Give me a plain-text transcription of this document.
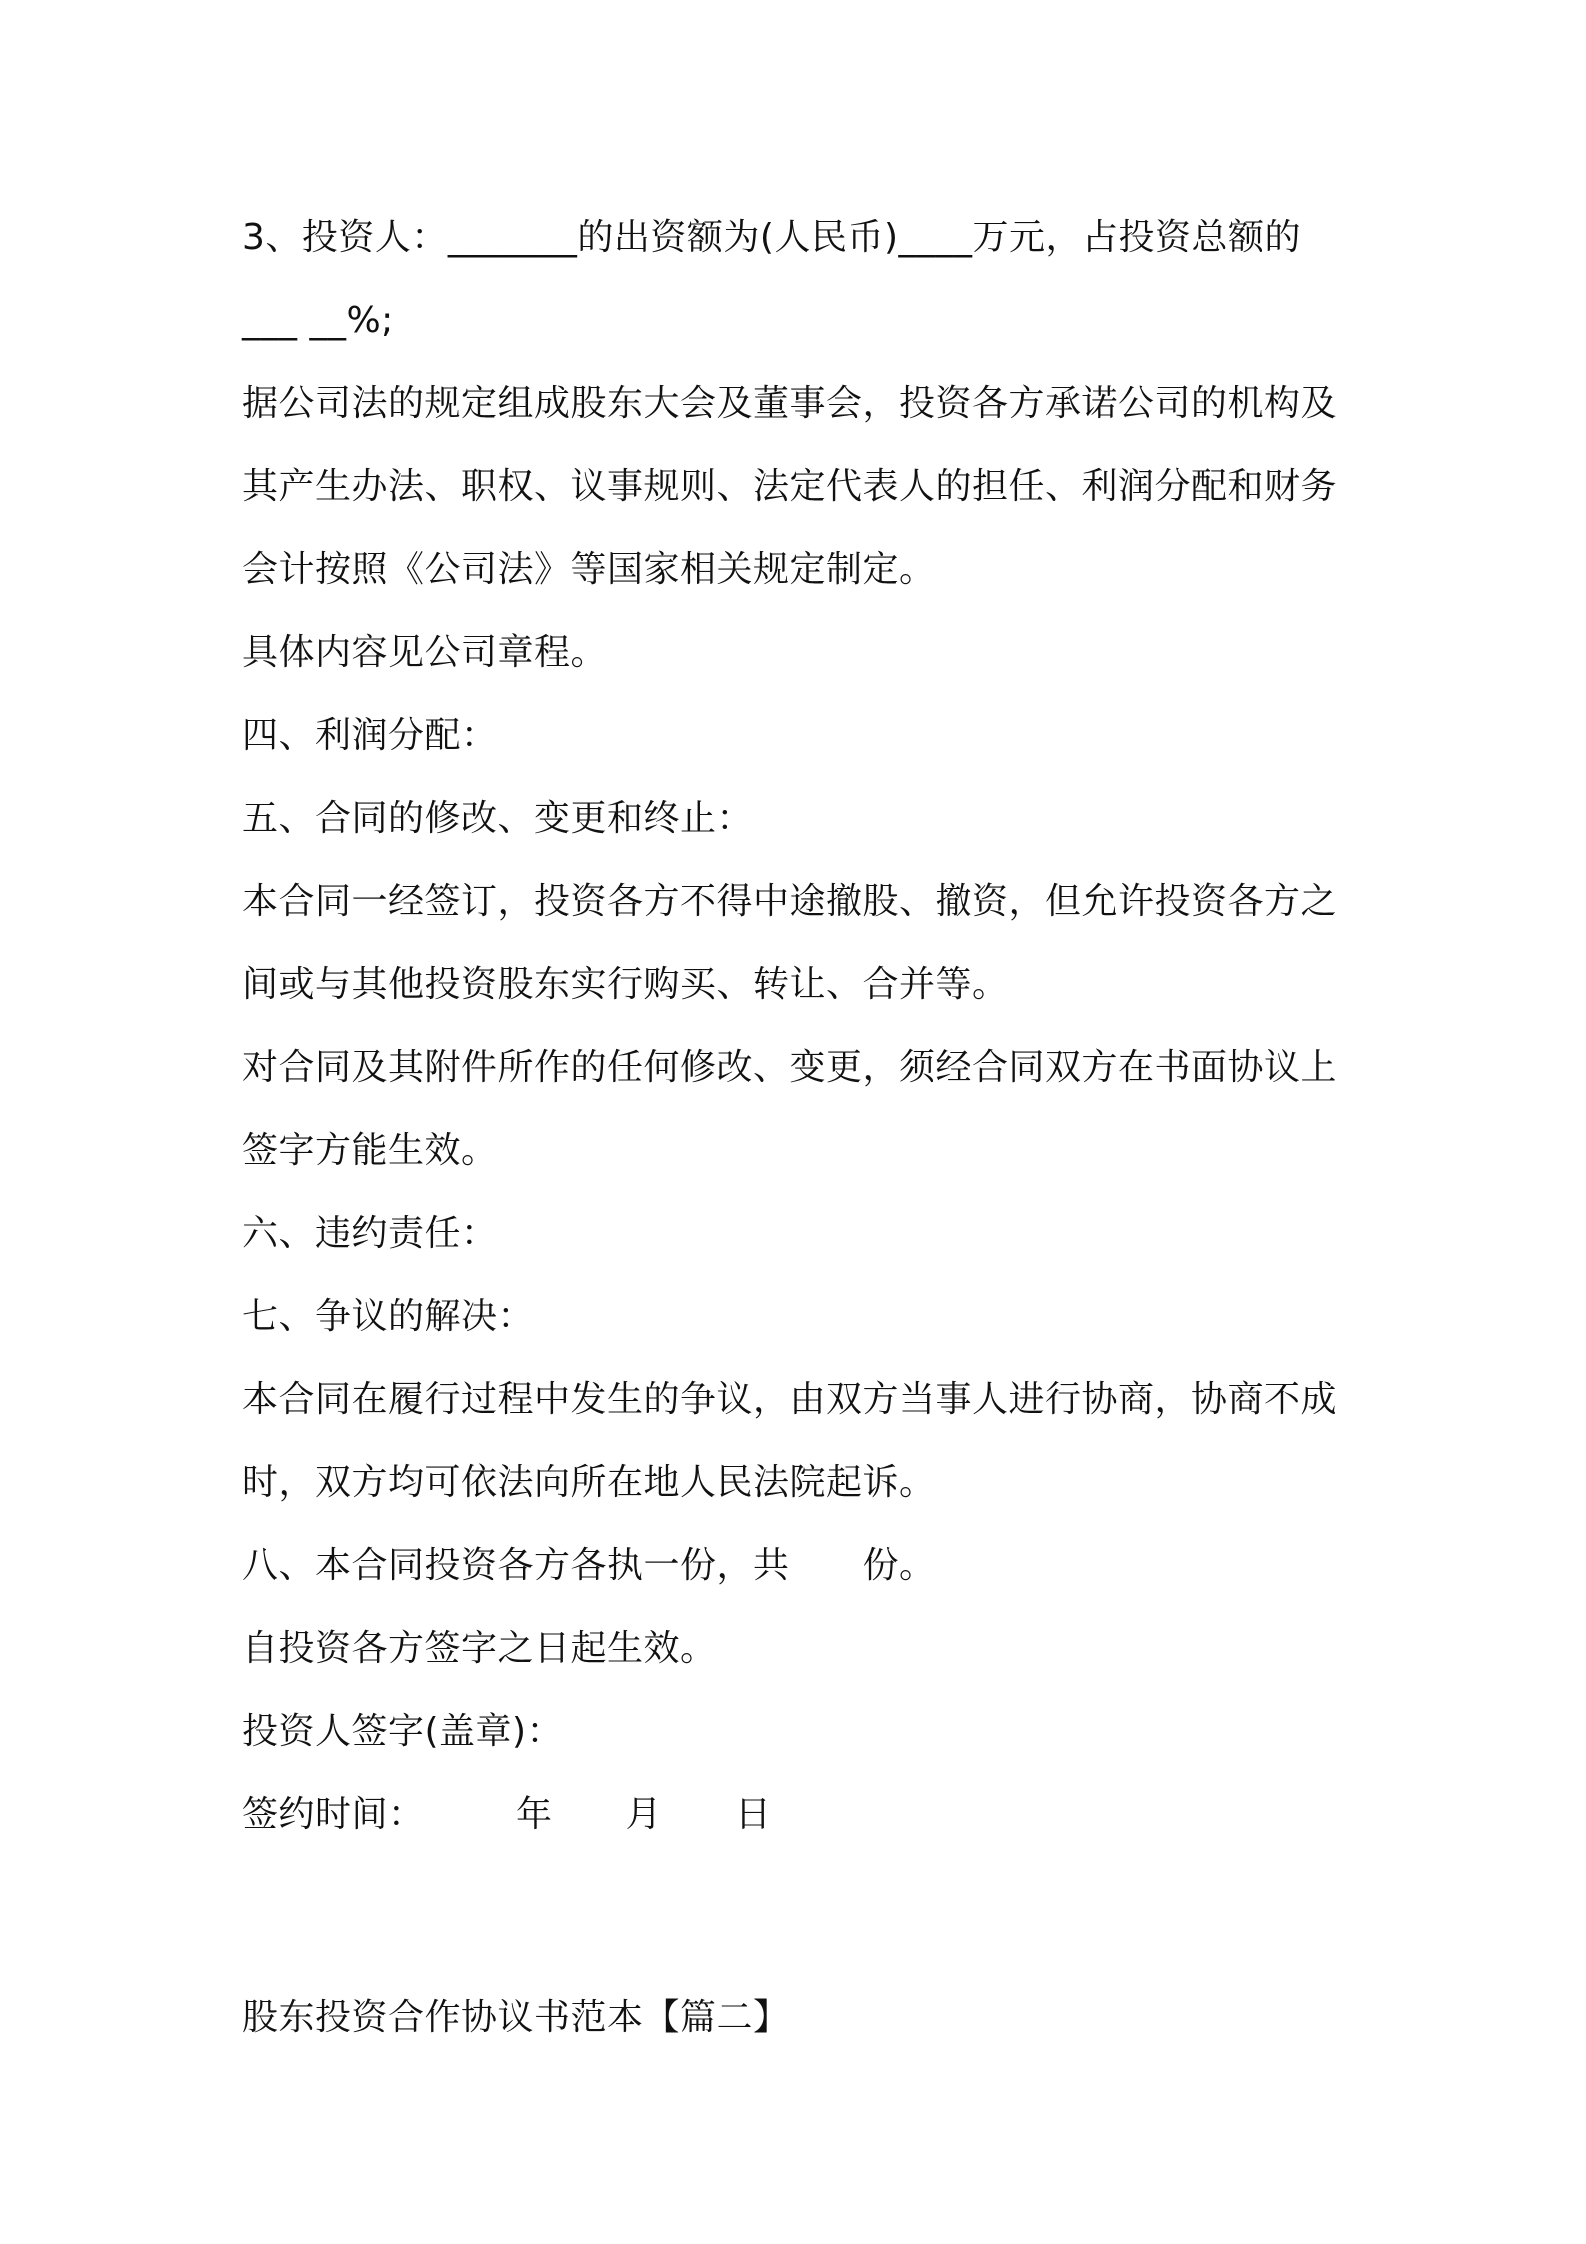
3、投资人：_______的出资额为(人民币)____万元，占投资总额的
___ __%;
据公司法的规定组成股东大会及董事会，投资各方承诺公司的机构及
其产生办法、职权、议事规则、法定代表人的担任、利润分配和财务
会计按照《公司法》等国家相关规定制定。
具体内容见公司章程。
四、利润分配：
五、合同的修改、变更和终止：
本合同一经签订，投资各方不得中途撤股、撤资，但允许投资各方之
间或与其他投资股东实行购买、转让、合并等。
对合同及其附件所作的任何修改、变更，须经合同双方在书面协议上
签字方能生效。
六、违约责任：
七、争议的解决：
本合同在履行过程中发生的争议，由双方当事人进行协商，协商不成
时，双方均可依法向所在地人民法院起诉。
八、本合同投资各方各执一份，共　　份。
自投资各方签字之日起生效。
投资人签字(盖章)：
签约时间：　　　年　　月　　日
股东投资合作协议书范本【篇二】
